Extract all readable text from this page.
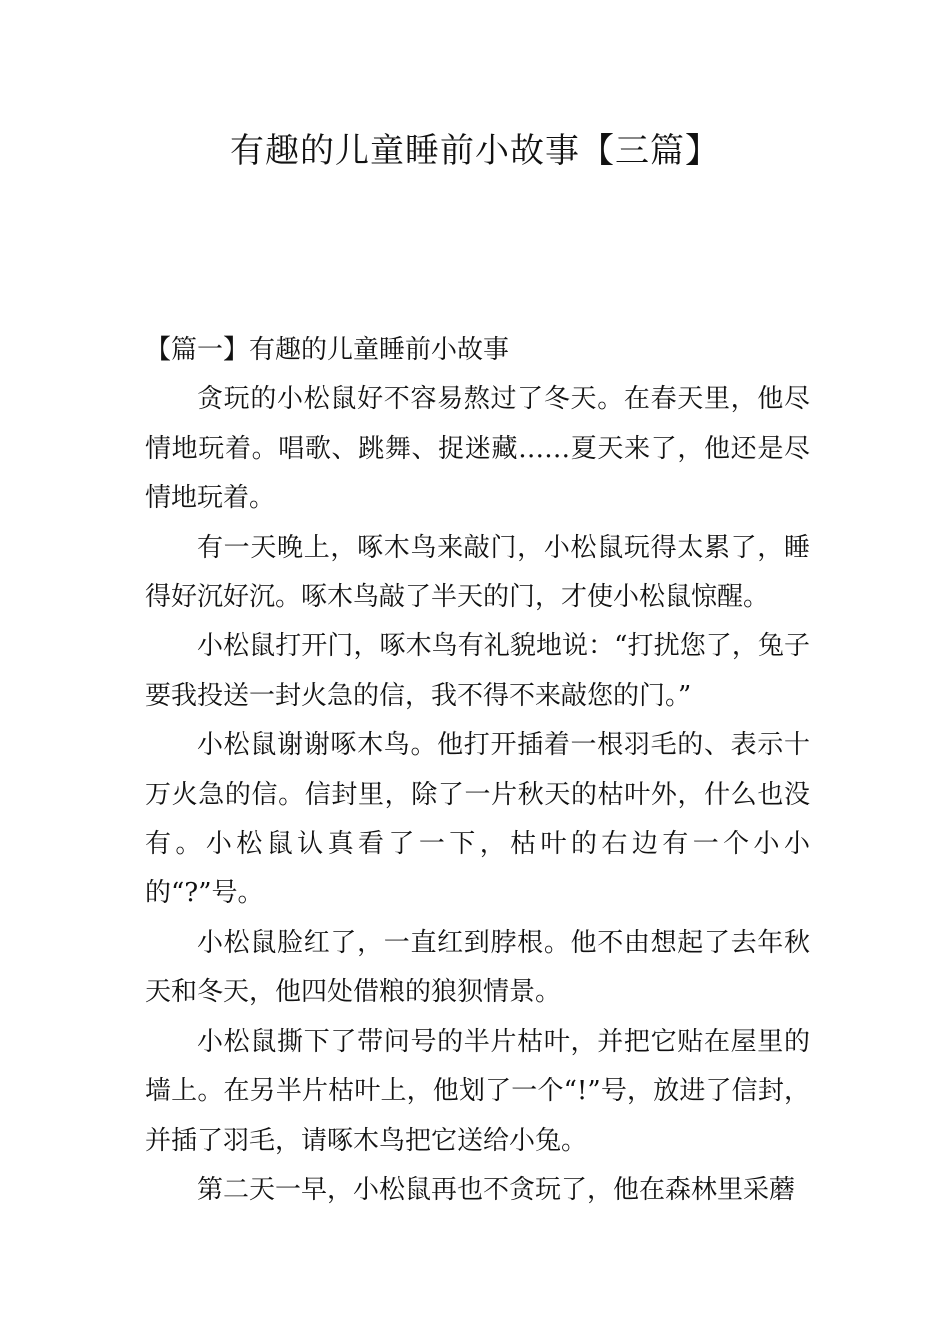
有趣的儿童睡前小故事【三篇】

【篇一】有趣的儿童睡前小故事

贪玩的小松鼠好不容易熬过了冬天。在春天里，他尽情地玩着。唱歌、跳舞、捉迷藏……夏天来了，他还是尽情地玩着。

有一天晚上，啄木鸟来敲门，小松鼠玩得太累了，睡得好沉好沉。啄木鸟敲了半天的门，才使小松鼠惊醒。

小松鼠打开门，啄木鸟有礼貌地说：“打扰您了，兔子要我投送一封火急的信，我不得不来敲您的门。”

小松鼠谢谢啄木鸟。他打开插着一根羽毛的、表示十万火急的信。信封里，除了一片秋天的枯叶外，什么也没有。小松鼠认真看了一下，枯叶的右边有一个小小的“?”号。

小松鼠脸红了，一直红到脖根。他不由想起了去年秋天和冬天，他四处借粮的狼狈情景。

小松鼠撕下了带问号的半片枯叶，并把它贴在屋里的墙上。在另半片枯叶上，他划了一个“!”号，放进了信封，并插了羽毛，请啄木鸟把它送给小兔。

第二天一早，小松鼠再也不贪玩了，他在森林里采蘑
